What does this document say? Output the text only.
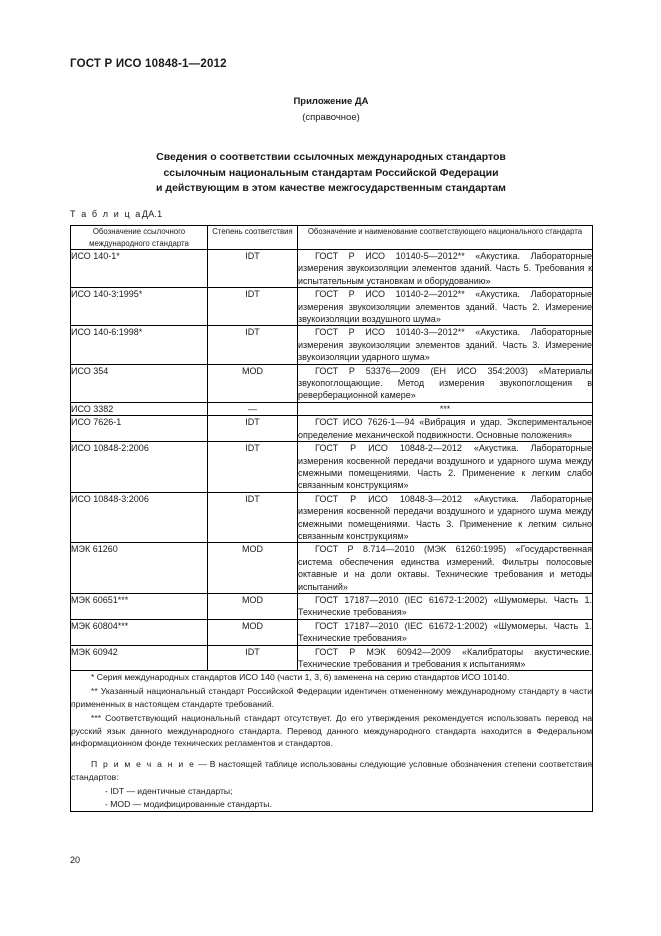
ГОСТ Р ИСО 10848-1—2012
Приложение ДА
(справочное)
Сведения о соответствии ссылочных международных стандартов
ссылочным национальным стандартам Российской Федерации
и действующим в этом качестве межгосударственным стандартам
Т а б л и ц аДА.1
Обозначение ссылочного международного стандарта	Степень соответствия	Обозначение и наименование соответствующего национального стандарта
ИСО 140-1*	IDT	ГОСТ Р ИСО 10140-5—2012** «Акустика. Лабораторные измерения звукоизоляции элементов зданий. Часть 5. Требования к испытательным установкам и оборудованию»
ИСО 140-3:1995*	IDT	ГОСТ Р ИСО 10140-2—2012** «Акустика. Лабораторные измерения звукоизоляции элементов зданий. Часть 2. Измерение звукоизоляции воздушного шума»
ИСО 140-6:1998*	IDT	ГОСТ Р ИСО 10140-3—2012** «Акустика. Лабораторные измерения звукоизоляции элементов зданий. Часть 3. Измерение звукоизоляции ударного шума»
ИСО 354	MOD	ГОСТ Р 53376—2009 (ЕН ИСО 354:2003) «Материалы звукопоглощающие. Метод измерения звукопоглощения в реверберационной камере»
ИСО 3382	—	***
ИСО 7626-1	IDT	ГОСТ ИСО 7626-1—94 «Вибрация и удар. Экспериментальное определение механической подвижности. Основные положения»
ИСО 10848-2:2006	IDT	ГОСТ Р ИСО 10848-2—2012 «Акустика. Лабораторные измерения косвенной передачи воздушного и ударного шума между смежными помещениями. Часть 2. Применение к легким слабо связанным конструкциям»
ИСО 10848-3:2006	IDT	ГОСТ Р ИСО 10848-3—2012 «Акустика. Лабораторные измерения косвенной передачи воздушного и ударного шума между смежными помещениями. Часть 3. Применение к легким сильно связанным конструкциям»
МЭК 61260	MOD	ГОСТ Р 8.714—2010 (МЭК 61260:1995) «Государственная система обеспечения единства измерений. Фильтры полосовые октавные и на доли октавы. Технические требования и методы испытаний»
МЭК 60651***	MOD	ГОСТ 17187—2010 (IEC 61672-1:2002) «Шумомеры. Часть 1. Технические требования»
МЭК 60804***	MOD	ГОСТ 17187—2010 (IEC 61672-1:2002) «Шумомеры. Часть 1. Технические требования»
МЭК 60942	IDT	ГОСТ Р МЭК 60942—2009 «Калибраторы акустические. Технические требования и требования к испытаниям»

* Серия международных стандартов ИСО 140 (части 1, 3, 6) заменена на серию стандартов ИСО 10140.
** Указанный национальный стандарт Российской Федерации идентичен отмененному международному стандарту в части примененных в настоящем стандарте требований.
*** Соответствующий национальный стандарт отсутствует. До его утверждения рекомендуется использовать перевод на русский язык данного международного стандарта. Перевод данного международного стандарта находится в Федеральном информационном фонде технических регламентов и стандартов.
П р и м е ч а н и е — В настоящей таблице использованы следующие условные обозначения степени соответствия стандартов:
- IDT — идентичные стандарты;
- MOD — модифицированные стандарты.
20
